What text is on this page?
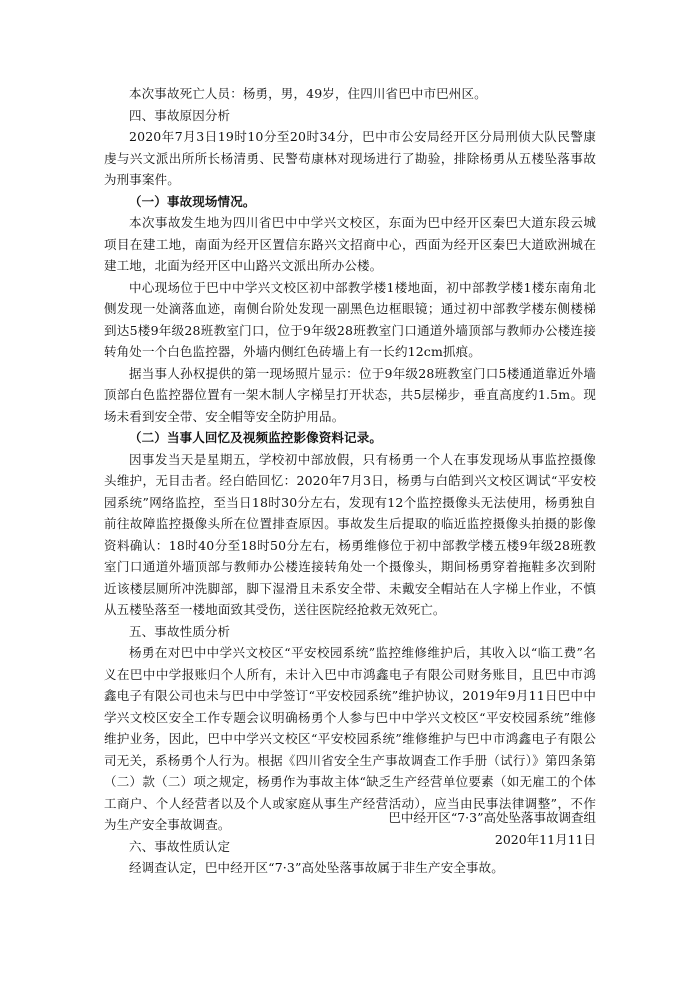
本次事故死亡人员：杨勇，男，49岁，住四川省巴中市巴州区。

四、事故原因分析

2020年7月3日19时10分至20时34分，巴中市公安局经开区分局刑侦大队民警康虔与兴文派出所所长杨清勇、民警苟康林对现场进行了勘验，排除杨勇从五楼坠落事故为刑事案件。

（一）事故现场情况。

本次事故发生地为四川省巴中中学兴文校区，东面为巴中经开区秦巴大道东段云城项目在建工地，南面为经开区置信东路兴文招商中心，西面为经开区秦巴大道欧洲城在建工地，北面为经开区中山路兴文派出所办公楼。

中心现场位于巴中中学兴文校区初中部教学楼1楼地面，初中部教学楼1楼东南角北侧发现一处滴落血迹，南侧台阶处发现一副黑色边框眼镜；通过初中部教学楼东侧楼梯到达5楼9年级28班教室门口，位于9年级28班教室门口通道外墙顶部与教师办公楼连接转角处一个白色监控器，外墙内侧红色砖墙上有一长约12cm抓痕。

据当事人孙权提供的第一现场照片显示：位于9年级28班教室门口5楼通道靠近外墙顶部白色监控器位置有一架木制人字梯呈打开状态，共5层梯步，垂直高度约1.5m。现场未看到安全带、安全帽等安全防护用品。

（二）当事人回忆及视频监控影像资料记录。

因事发当天是星期五，学校初中部放假，只有杨勇一个人在事发现场从事监控摄像头维护，无目击者。经白皓回忆：2020年7月3日，杨勇与白皓到兴文校区调试“平安校园系统”网络监控，至当日18时30分左右，发现有12个监控摄像头无法使用，杨勇独自前往故障监控摄像头所在位置排查原因。事故发生后提取的临近监控摄像头拍摄的影像资料确认：18时40分至18时50分左右，杨勇维修位于初中部教学楼五楼9年级28班教室门口通道外墙顶部与教师办公楼连接转角处一个摄像头，期间杨勇穿着拖鞋多次到附近该楼层厕所冲洗脚部，脚下湿滑且未系安全带、未戴安全帽站在人字梯上作业，不慎从五楼坠落至一楼地面致其受伤，送往医院经抢救无效死亡。

五、事故性质分析

杨勇在对巴中中学兴文校区“平安校园系统”监控维修维护后，其收入以“临工费”名义在巴中中学报账归个人所有，未计入巴中市鸿鑫电子有限公司财务账目，且巴中市鸿鑫电子有限公司也未与巴中中学签订“平安校园系统”维护协议，2019年9月11日巴中中学兴文校区安全工作专题会议明确杨勇个人参与巴中中学兴文校区“平安校园系统”维修维护业务，因此，巴中中学兴文校区“平安校园系统”维修维护与巴中市鸿鑫电子有限公司无关，系杨勇个人行为。根据《四川省安全生产事故调查工作手册（试行）》第四条第（二）款（二）项之规定，杨勇作为事故主体“缺乏生产经营单位要素（如无雇工的个体工商户、个人经营者以及个人或家庭从事生产经营活动），应当由民事法律调整”，不作为生产安全事故调查。

六、事故性质认定

经调查认定，巴中经开区“7·3”高处坠落事故属于非生产安全事故。

巴中经开区“7·3”高处坠落事故调查组
2020年11月11日
